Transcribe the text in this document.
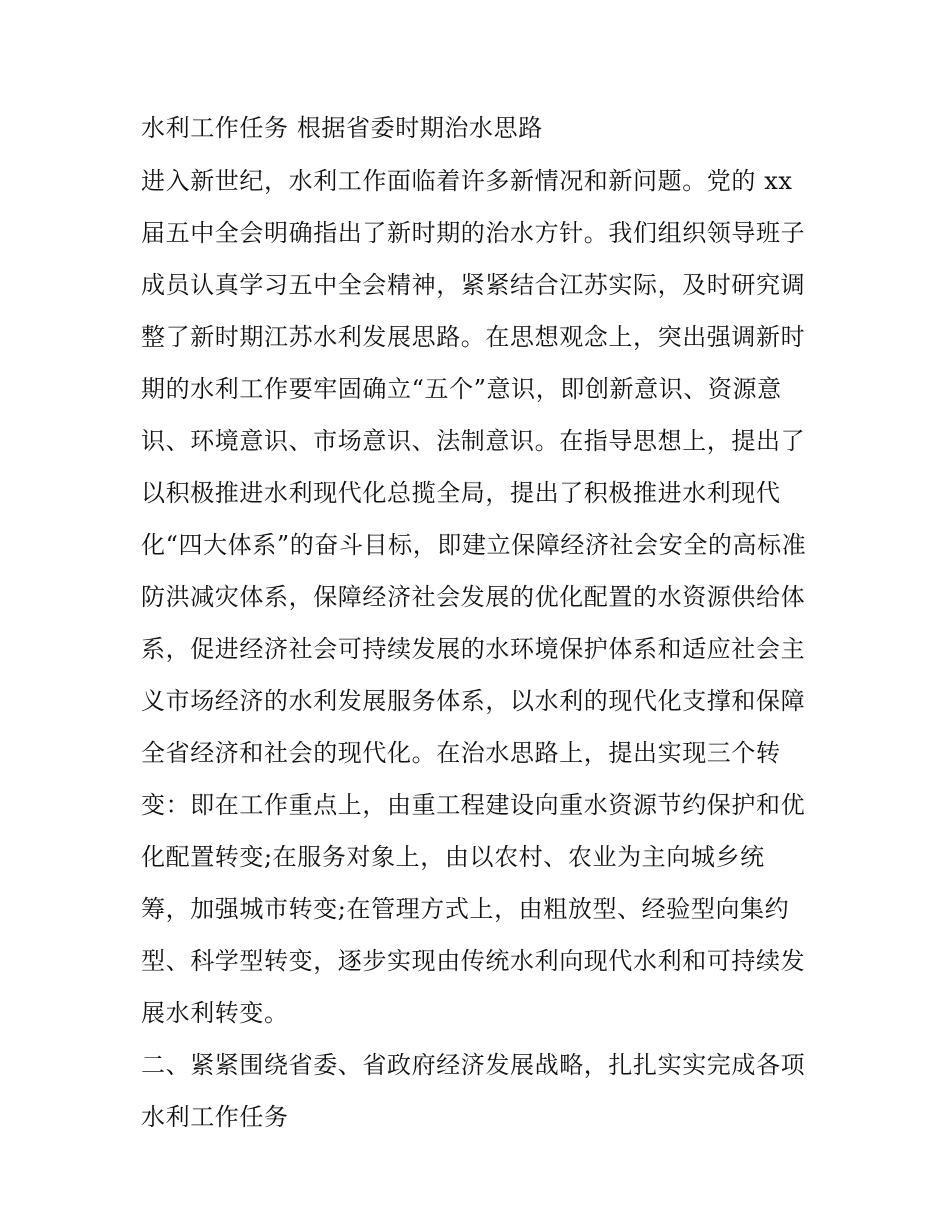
水利工作任务 根据省委时期治水思路
进入新世纪，水利工作面临着许多新情况和新问题。党的 xx
届五中全会明确指出了新时期的治水方针。我们组织领导班子
成员认真学习五中全会精神，紧紧结合江苏实际，及时研究调
整了新时期江苏水利发展思路。在思想观念上，突出强调新时
期的水利工作要牢固确立“五个”意识，即创新意识、资源意
识、环境意识、市场意识、法制意识。在指导思想上，提出了
以积极推进水利现代化总揽全局，提出了积极推进水利现代
化“四大体系”的奋斗目标，即建立保障经济社会安全的高标准
防洪减灾体系，保障经济社会发展的优化配置的水资源供给体
系，促进经济社会可持续发展的水环境保护体系和适应社会主
义市场经济的水利发展服务体系，以水利的现代化支撑和保障
全省经济和社会的现代化。在治水思路上，提出实现三个转
变：即在工作重点上，由重工程建设向重水资源节约保护和优
化配置转变;在服务对象上，由以农村、农业为主向城乡统
筹，加强城市转变;在管理方式上，由粗放型、经验型向集约
型、科学型转变，逐步实现由传统水利向现代水利和可持续发
展水利转变。
二、紧紧围绕省委、省政府经济发展战略，扎扎实实完成各项
水利工作任务
